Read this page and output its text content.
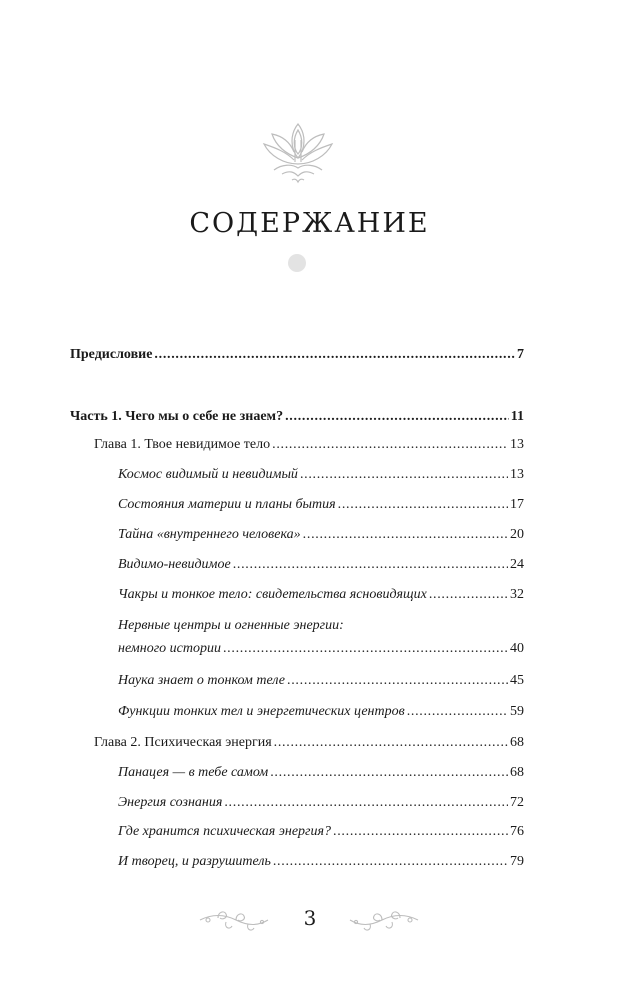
СОДЕРЖАНИЕ
Предисловие . . .	7
Часть 1. Чего мы о себе не знаем? . . .	11
Глава 1. Твое невидимое тело . . .	13
Космос видимый и невидимый . . .	13
Состояния материи и планы бытия . . .	17
Тайна «внутреннего человека» . . .	20
Видимо-невидимое . . .	24
Чакры и тонкое тело: свидетельства ясновидящих . . .	32
Нервные центры и огненные энергии:
немного истории . . .	40
Наука знает о тонком теле . . .	45
Функции тонких тел и энергетических центров . . .	59
Глава 2. Психическая энергия . . .	68
Панацея — в тебе самом . . .	68
Энергия сознания . . .	72
Где хранится психическая энергия? . . .	76
И творец, и разрушитель . . .	79
3
